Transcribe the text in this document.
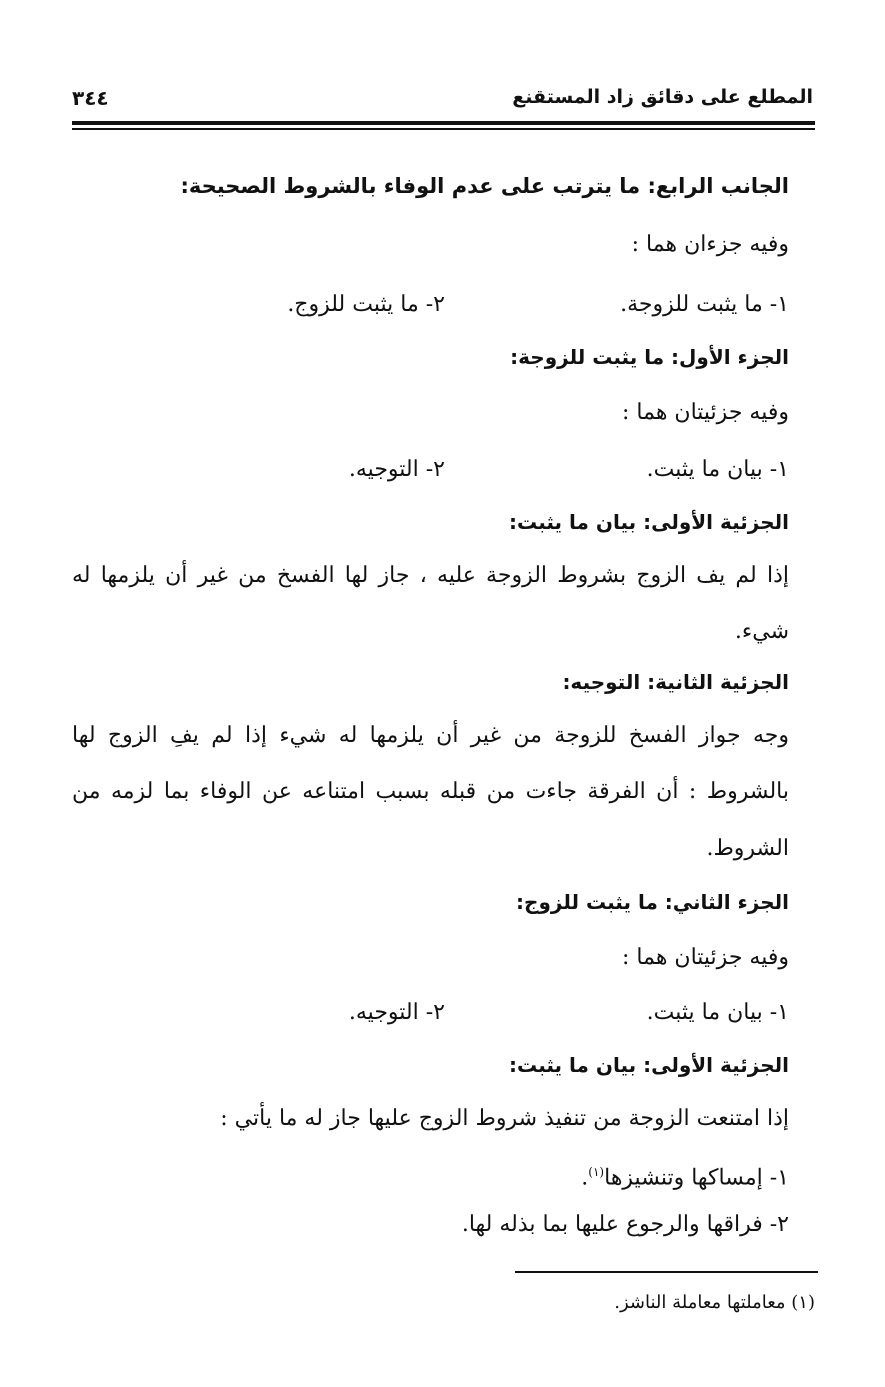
المطلع على دقائق زاد المستقنع
٣٤٤
الجانب الرابع: ما يترتب على عدم الوفاء بالشروط الصحيحة:
وفيه جزءان هما :
١- ما يثبت للزوجة.
٢- ما يثبت للزوج.
الجزء الأول: ما يثبت للزوجة:
وفيه جزئيتان هما :
١- بيان ما يثبت.
٢- التوجيه.
الجزئية الأولى: بيان ما يثبت:
إذا لم يف الزوج بشروط الزوجة عليه ، جاز لها الفسخ من غير أن يلزمها له
شيء.
الجزئية الثانية: التوجيه:
وجه جواز الفسخ للزوجة من غير أن يلزمها له شيء إذا لم يفِ الزوج لها
بالشروط : أن الفرقة جاءت من قبله بسبب امتناعه عن الوفاء بما لزمه من
الشروط.
الجزء الثاني: ما يثبت للزوج:
وفيه جزئيتان هما :
١- بيان ما يثبت.
٢- التوجيه.
الجزئية الأولى: بيان ما يثبت:
إذا امتنعت الزوجة من تنفيذ شروط الزوج عليها جاز له ما يأتي :
١- إمساكها وتنشيزها$^{(١)}$.
٢- فراقها والرجوع عليها بما بذله لها.
(١) معاملتها معاملة الناشز.
